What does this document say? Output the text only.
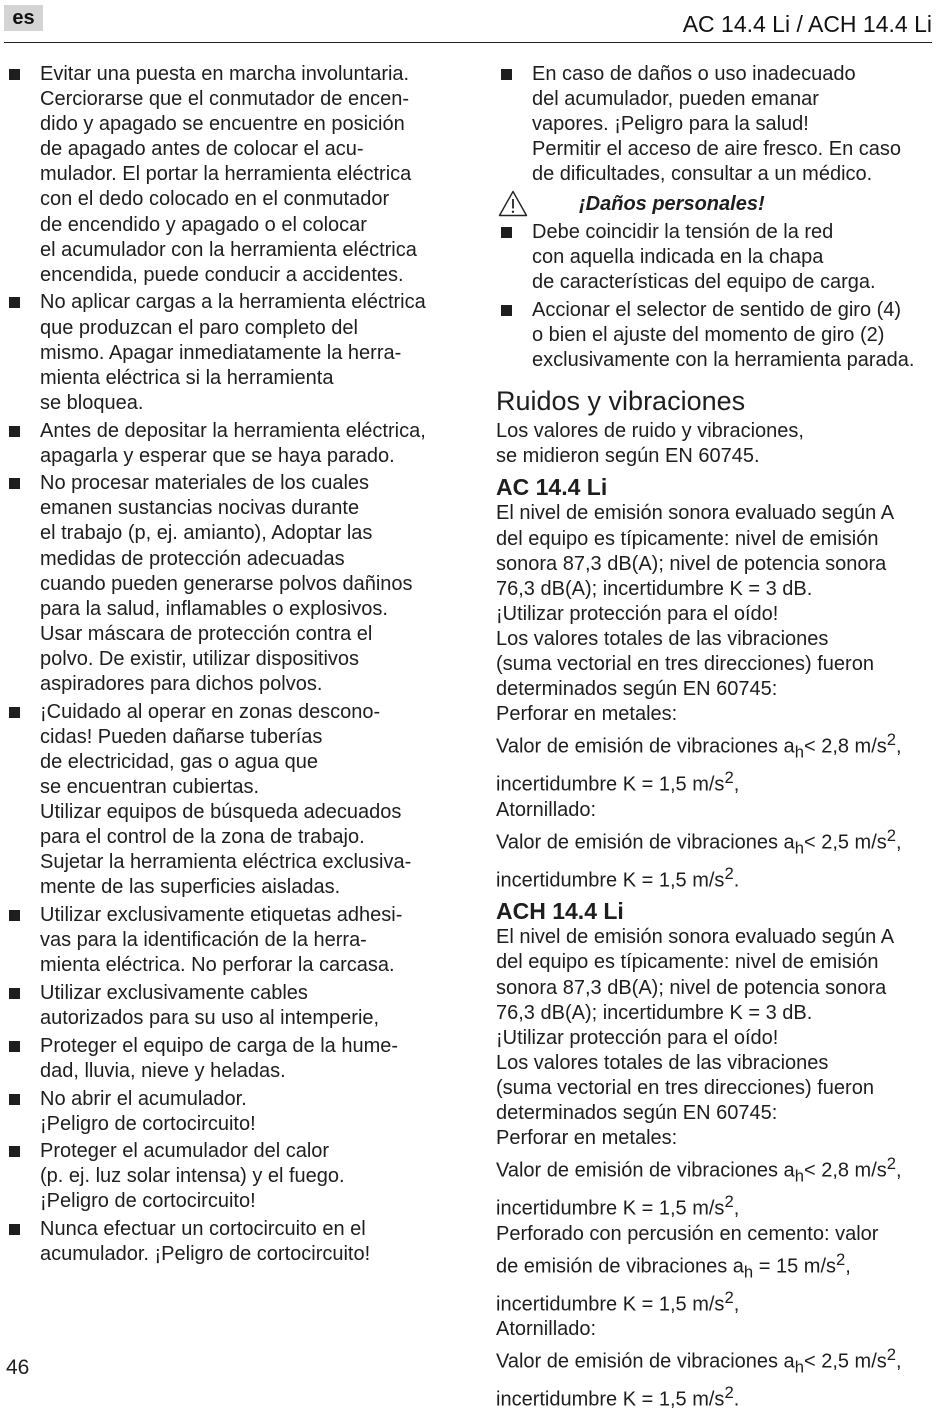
es	AC 14.4 Li / ACH 14.4 Li
Evitar una puesta en marcha involuntaria.
Cerciorarse que el conmutador de encen-
dido y apagado se encuentre en posición
de apagado antes de colocar el acu-
mulador. El portar la herramienta eléctrica
con el dedo colocado en el conmutador
de encendido y apagado o el colocar
el acumulador con la herramienta eléctrica
encendida, puede conducir a accidentes.
No aplicar cargas a la herramienta eléctrica
que produzcan el paro completo del
mismo. Apagar inmediatamente la herra-
mienta eléctrica si la herramienta
se bloquea.
Antes de depositar la herramienta eléctrica,
apagarla y esperar que se haya parado.
No procesar materiales de los cuales
emanen sustancias nocivas durante
el trabajo (p, ej. amianto), Adoptar las
medidas de protección adecuadas
cuando pueden generarse polvos dañinos
para la salud, inflamables o explosivos.
Usar máscara de protección contra el
polvo. De existir, utilizar dispositivos
aspiradores para dichos polvos.
¡Cuidado al operar en zonas descono-
cidas! Pueden dañarse tuberías
de electricidad, gas o agua que
se encuentran cubiertas.
Utilizar equipos de búsqueda adecuados
para el control de la zona de trabajo.
Sujetar la herramienta eléctrica exclusiva-
mente de las superficies aisladas.
Utilizar exclusivamente etiquetas adhesi-
vas para la identificación de la herra-
mienta eléctrica. No perforar la carcasa.
Utilizar exclusivamente cables
autorizados para su uso al intemperie,
Proteger el equipo de carga de la hume-
dad, lluvia, nieve y heladas.
No abrir el acumulador.
¡Peligro de cortocircuito!
Proteger el acumulador del calor
(p. ej. luz solar intensa) y el fuego.
¡Peligro de cortocircuito!
Nunca efectuar un cortocircuito en el
acumulador. ¡Peligro de cortocircuito!
En caso de daños o uso inadecuado
del acumulador, pueden emanar
vapores. ¡Peligro para la salud!
Permitir el acceso de aire fresco. En caso
de dificultades, consultar a un médico.
¡Daños personales!
Debe coincidir la tensión de la red
con aquella indicada en la chapa
de características del equipo de carga.
Accionar el selector de sentido de giro (4)
o bien el ajuste del momento de giro (2)
exclusivamente con la herramienta parada.
Ruidos y vibraciones
Los valores de ruido y vibraciones,
se midieron según EN 60745.
AC 14.4 Li
El nivel de emisión sonora evaluado según A
del equipo es típicamente: nivel de emisión
sonora 87,3 dB(A); nivel de potencia sonora
76,3 dB(A); incertidumbre K = 3 dB.
¡Utilizar protección para el oído!
Los valores totales de las vibraciones
(suma vectorial en tres direcciones) fueron
determinados según EN 60745:
Perforar en metales:
Valor de emisión de vibraciones $a_h< 2,8$ $m/s^2$,
incertidumbre K = 1,5 $m/s^2$,
Atornillado:
Valor de emisión de vibraciones $a_h< 2,5$ $m/s^2$,
incertidumbre K = 1,5 $m/s^2$.
ACH 14.4 Li
El nivel de emisión sonora evaluado según A
del equipo es típicamente: nivel de emisión
sonora 87,3 dB(A); nivel de potencia sonora
76,3 dB(A); incertidumbre K = 3 dB.
¡Utilizar protección para el oído!
Los valores totales de las vibraciones
(suma vectorial en tres direcciones) fueron
determinados según EN 60745:
Perforar en metales:
Valor de emisión de vibraciones $a_h< 2,8$ $m/s^2$,
incertidumbre K = 1,5 $m/s^2$,
Perforado con percusión en cemento: valor
de emisión de vibraciones $a_h = 15$ $m/s^2$,
incertidumbre K = 1,5 $m/s^2$,
Atornillado:
Valor de emisión de vibraciones $a_h< 2,5$ $m/s^2$,
incertidumbre K = 1,5 $m/s^2$.
46
